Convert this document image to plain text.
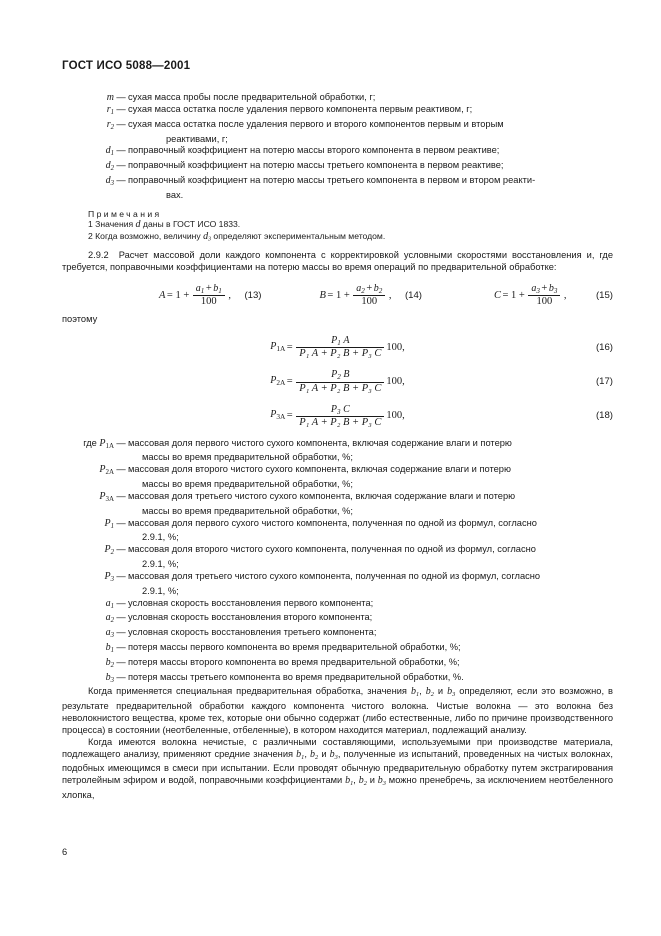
ГОСТ ИСО 5088—2001
m — сухая масса пробы после предварительной обработки, г;
$r_1$ — сухая масса остатка после удаления первого компонента первым реактивом, г;
$r_2$ — сухая масса остатка после удаления первого и второго компонентов первым и вторым
реактивами, г;
$d_1$ — поправочный коэффициент на потерю массы второго компонента в первом реактиве;
$d_2$ — поправочный коэффициент на потерю массы третьего компонента в первом реактиве;
$d_3$ — поправочный коэффициент на потерю массы третьего компонента в первом и втором реакти-
вах.
Примечания
1 Значения d даны в ГОСТ ИСО 1833.
2 Когда возможно, величину $d_3$ определяют экспериментальным методом.

2.9.2 Расчет массовой доли каждого компонента с корректировкой условными скоростями восстановления и, где требуется, поправочными коэффициентами на потерю массы во время операций по предварительной обработке:

$A = 1 + \frac{a_1 + b_1}{100}$ , (13)	$B = 1 + \frac{a_2 + b_2}{100}$ , (14)	$C = 1 + \frac{a_3 + b_3}{100}$ ,	(15)
поэтому
$P1А = \frac{P_1 A}{\text{P₁ A + P₂ B + P₃ C}} 100$,	(16)
$P2А = \frac{P_2 B}{\text{P₁ A + P₂ B + P₃ C}} 100$,	(17)
$P3А = \frac{P_3 C}{\text{P₁ A + P₂ B + P₃ C}} 100$,	(18)
где P1А — массовая доля первого чистого сухого компонента, включая содержание влаги и потерю
массы во время предварительной обработки, %;
P2А — массовая доля второго чистого сухого компонента, включая содержание влаги и потерю
массы во время предварительной обработки, %;
P3А — массовая доля третьего чистого сухого компонента, включая содержание влаги и потерю
массы во время предварительной обработки, %;
$P_1$ — массовая доля первого сухого чистого компонента, полученная по одной из формул, согласно
2.9.1, %;
$P_2$ — массовая доля второго чистого сухого компонента, полученная по одной из формул, согласно
2.9.1, %;
$P_3$ — массовая доля третьего чистого сухого компонента, полученная по одной из формул, согласно
2.9.1, %;
$a_1$ — условная скорость восстановления первого компонента;
$a_2$ — условная скорость восстановления второго компонента;
$a_3$ — условная скорость восстановления третьего компонента;
$b_1$ — потеря массы первого компонента во время предварительной обработки, %;
$b_2$ — потеря массы второго компонента во время предварительной обработки, %;
$b_3$ — потеря массы третьего компонента во время предварительной обработки, %.

Когда применяется специальная предварительная обработка, значения $b_1$, $b_2$ и $b_3$ определяют, если это возможно, в результате предварительной обработки каждого компонента чистого волокна. Чистые волокна — это волокна без неволокнистого вещества, кроме тех, которые они обычно содержат (либо естественные, либо по причине производственного процесса) в состоянии (неотбеленные, отбеленные), в котором находится материал, подлежащий анализу.

Когда имеются волокна нечистые, с различными составляющими, используемыми при производстве материала, подлежащего анализу, применяют средние значения $b_1$, $b_2$ и $b_3$, полученные из испытаний, проведенных на чистых волокнах, подобных имеющимся в смеси при испытании. Если проводят обычную предварительную обработку путем экстрагирования петролейным эфиром и водой, поправочными коэффициентами $b_1$, $b_2$ и $b_3$ можно пренебречь, за исключением неотбеленного хлопка,

6
